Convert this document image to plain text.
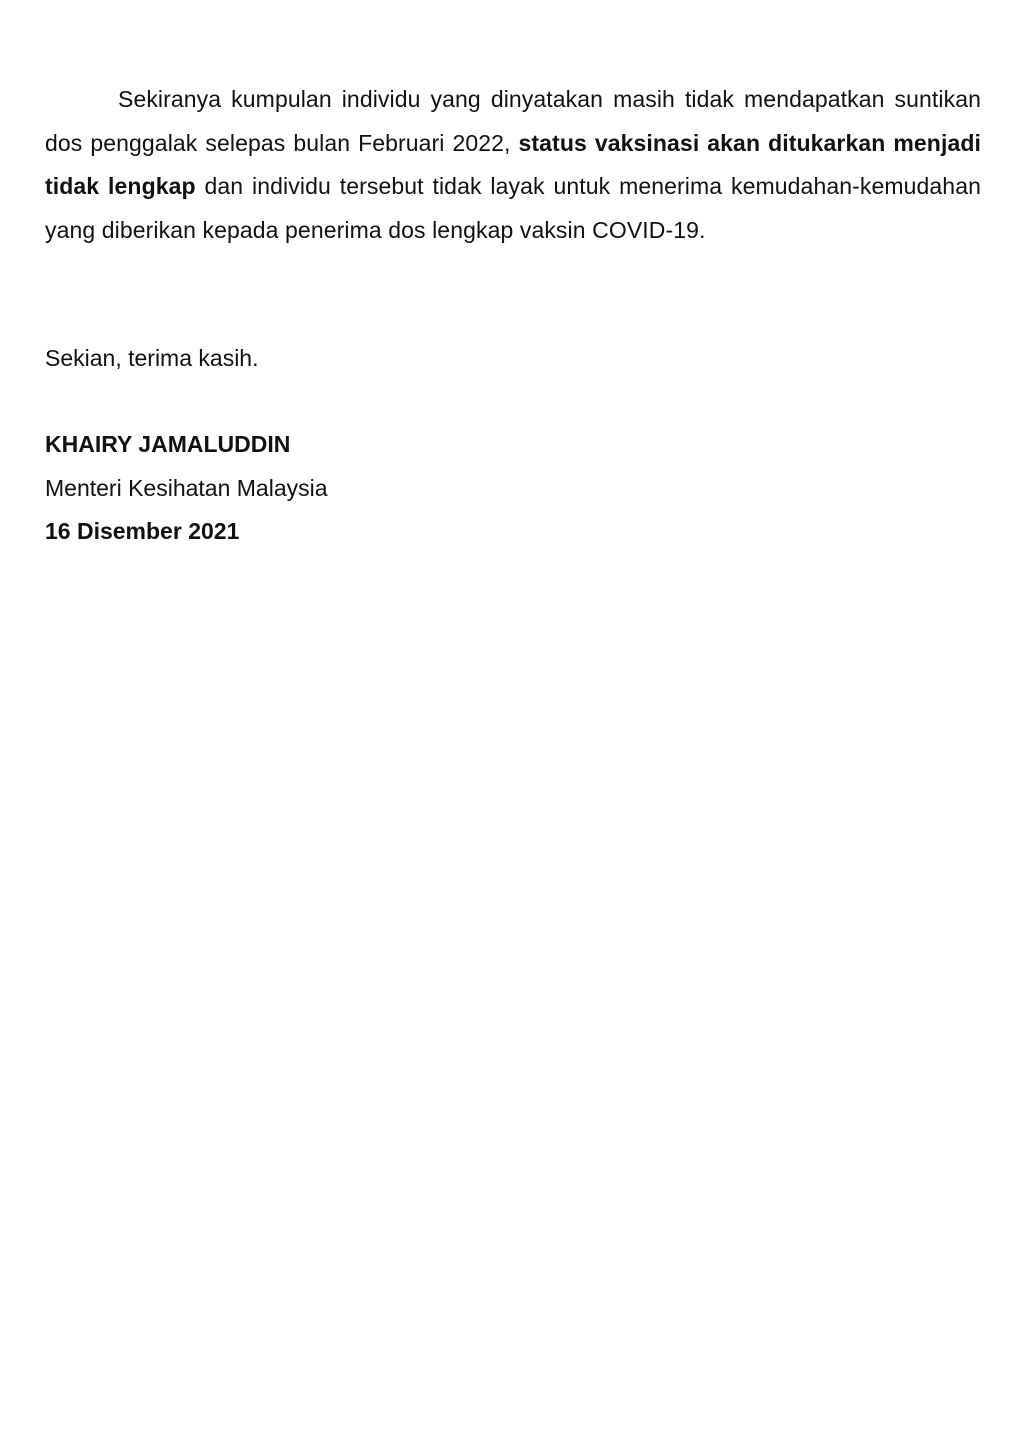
Sekiranya kumpulan individu yang dinyatakan masih tidak mendapatkan suntikan dos penggalak selepas bulan Februari 2022, status vaksinasi akan ditukarkan menjadi tidak lengkap dan individu tersebut tidak layak untuk menerima kemudahan-kemudahan yang diberikan kepada penerima dos lengkap vaksin COVID-19.

Sekian, terima kasih.

KHAIRY JAMALUDDIN
Menteri Kesihatan Malaysia
16 Disember 2021
